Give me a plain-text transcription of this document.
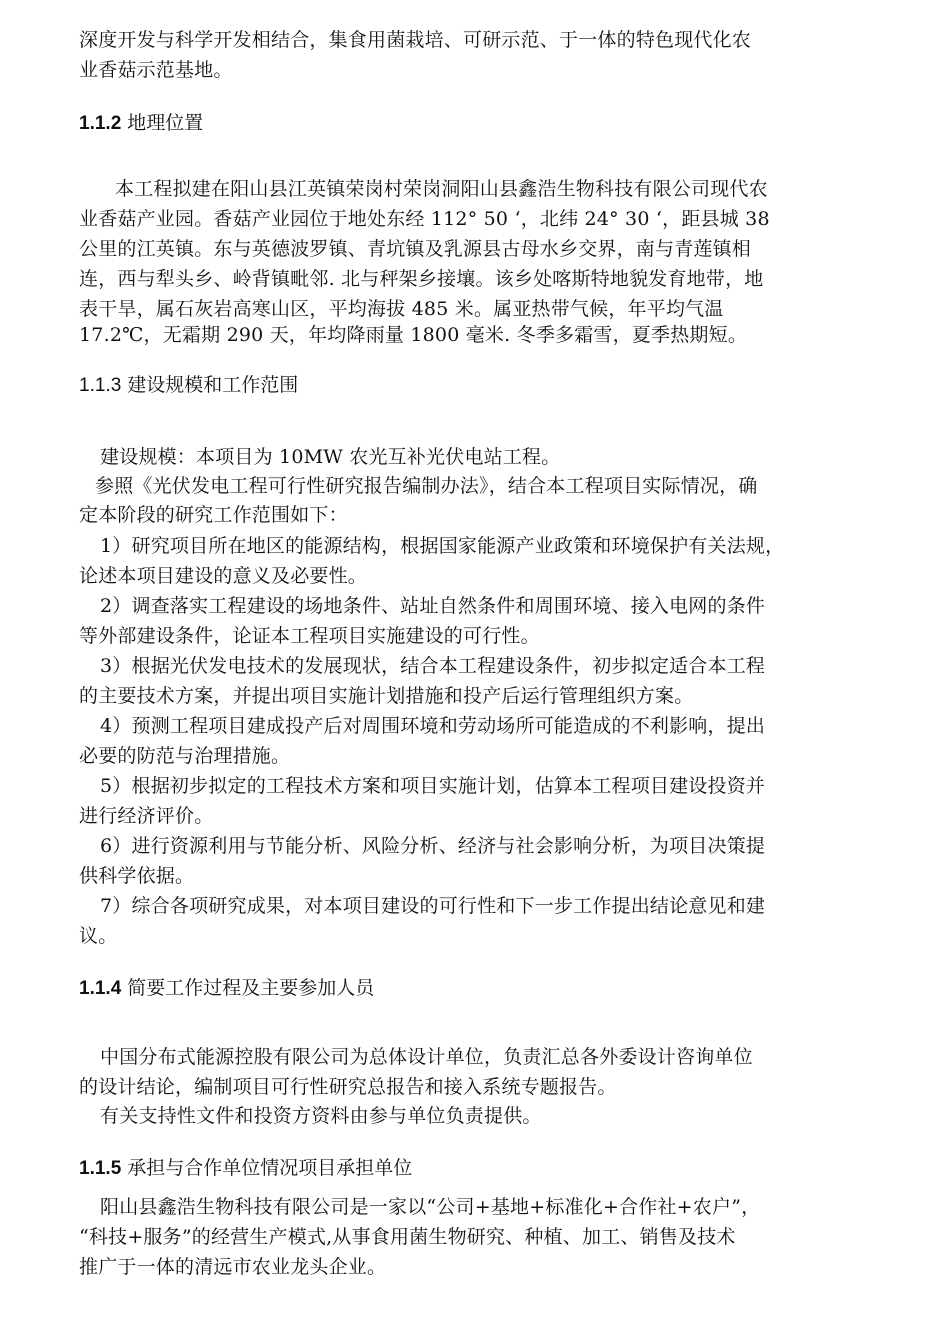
深度开发与科学开发相结合，集食用菌栽培、可研示范、于一体的特色现代化农
业香菇示范基地。
1.1.2 地理位置
本工程拟建在阳山县江英镇荣岗村荣岗洞阳山县鑫浩生物科技有限公司现代农
业香菇产业园。香菇产业园位于地处东经 112° 50 ‘，北纬 24° 30 ‘，距县城 38
公里的江英镇。东与英德波罗镇、青坑镇及乳源县古母水乡交界，南与青莲镇相
连，西与犁头乡、岭背镇毗邻. 北与秤架乡接壤。该乡处喀斯特地貌发育地带，地
表干旱，属石灰岩高寒山区，平均海拔 485 米。属亚热带气候，年平均气温
17.2℃，无霜期 290 天，年均降雨量 1800 毫米. 冬季多霜雪，夏季热期短。
1.1.3 建设规模和工作范围
建设规模：本项目为 10MW 农光互补光伏电站工程。
参照《光伏发电工程可行性研究报告编制办法》，结合本工程项目实际情况，确
定本阶段的研究工作范围如下：
1）研究项目所在地区的能源结构，根据国家能源产业政策和环境保护有关法规，
论述本项目建设的意义及必要性。
2）调查落实工程建设的场地条件、站址自然条件和周围环境、接入电网的条件
等外部建设条件，论证本工程项目实施建设的可行性。
3）根据光伏发电技术的发展现状，结合本工程建设条件，初步拟定适合本工程
的主要技术方案，并提出项目实施计划措施和投产后运行管理组织方案。
4）预测工程项目建成投产后对周围环境和劳动场所可能造成的不利影响，提出
必要的防范与治理措施。
5）根据初步拟定的工程技术方案和项目实施计划，估算本工程项目建设投资并
进行经济评价。
6）进行资源利用与节能分析、风险分析、经济与社会影响分析，为项目决策提
供科学依据。
7）综合各项研究成果，对本项目建设的可行性和下一步工作提出结论意见和建
议。
1.1.4 简要工作过程及主要参加人员
中国分布式能源控股有限公司为总体设计单位，负责汇总各外委设计咨询单位
的设计结论，编制项目可行性研究总报告和接入系统专题报告。
有关支持性文件和投资方资料由参与单位负责提供。
1.1.5 承担与合作单位情况项目承担单位
阳山县鑫浩生物科技有限公司是一家以“公司+基地+标准化+合作社+农户”，
“科技+服务”的经营生产模式,从事食用菌生物研究、种植、加工、销售及技术
推广于一体的清远市农业龙头企业。
